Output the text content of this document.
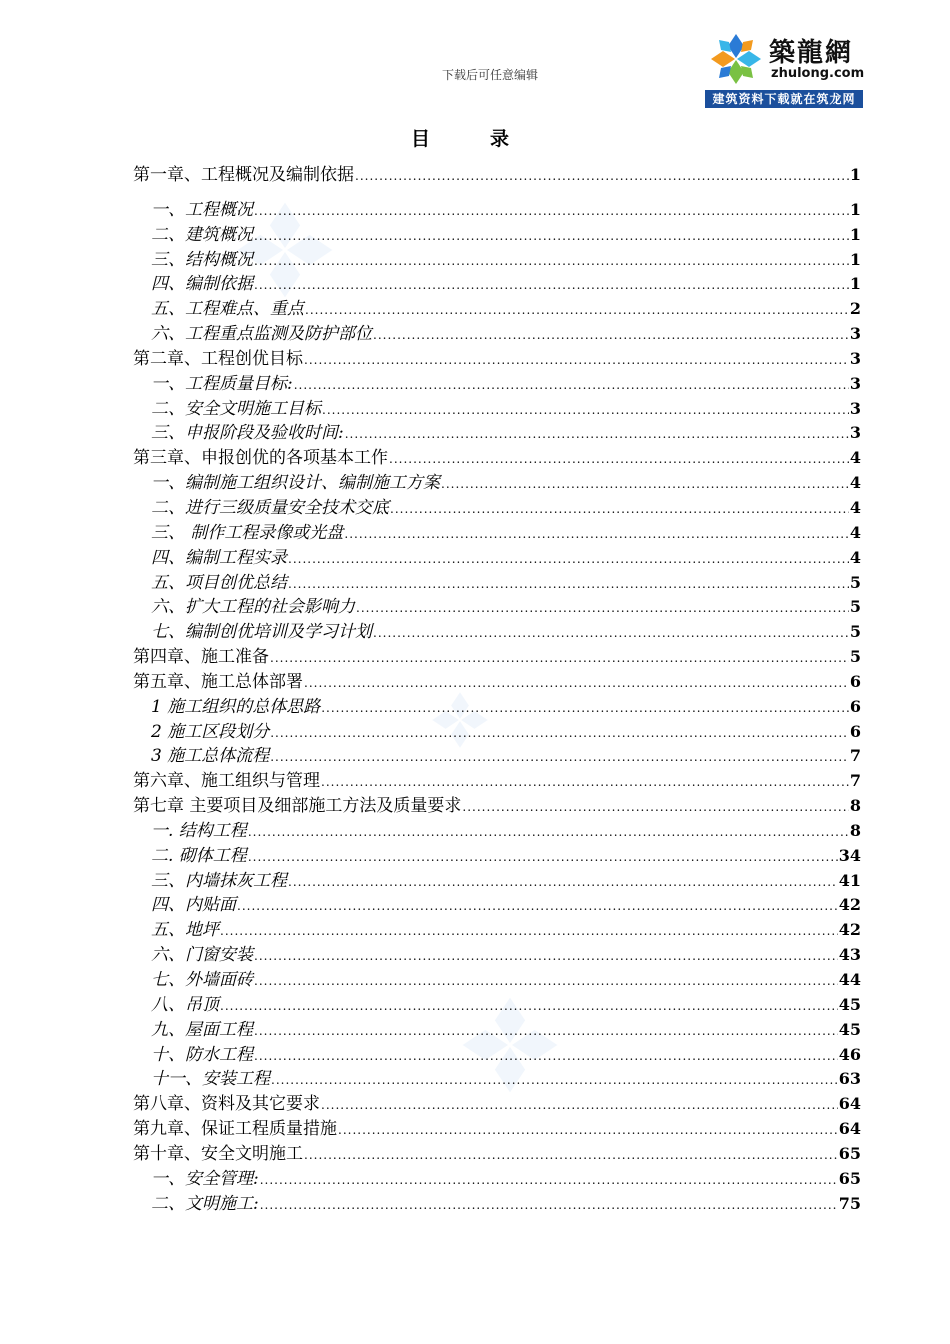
下载后可任意编辑
築龍網
zhulong.com
建筑资料下载就在筑龙网
目录
第一章、工程概况及编制依据 .....	1
一、工程概况 .....	1
二、建筑概况 .....	1
三、结构概况 .....	1
四、编制依据 .....	1
五、工程难点、重点 .....	2
六、工程重点监测及防护部位 .....	3
第二章、工程创优目标 .....	3
一、工程质量目标: .....	3
二、安全文明施工目标 .....	3
三、申报阶段及验收时间: .....	3
第三章、申报创优的各项基本工作 .....	4
一、编制施工组织设计、编制施工方案 .....	4
二、进行三级质量安全技术交底 .....	4
三、 制作工程录像或光盘 .....	4
四、编制工程实录 .....	4
五、项目创优总结 .....	5
六、扩大工程的社会影响力 .....	5
七、编制创优培训及学习计划 .....	5
第四章、施工准备 .....	5
第五章、施工总体部署 .....	6
1 施工组织的总体思路 .....	6
2 施工区段划分 .....	6
3 施工总体流程 .....	7
第六章、施工组织与管理 .....	7
第七章 主要项目及细部施工方法及质量要求 .....	8
一. 结构工程 .....	8
二. 砌体工程 .....	34
三、内墙抹灰工程 .....	41
四、内贴面 .....	42
五、地坪 .....	42
六、门窗安装 .....	43
七、外墙面砖 .....	44
八、吊顶 .....	45
九、屋面工程 .....	45
十、防水工程 .....	46
十一、安装工程 .....	63
第八章、资料及其它要求 .....	64
第九章、保证工程质量措施 .....	64
第十章、安全文明施工 .....	65
一、安全管理: .....	65
二、文明施工: .....	75
